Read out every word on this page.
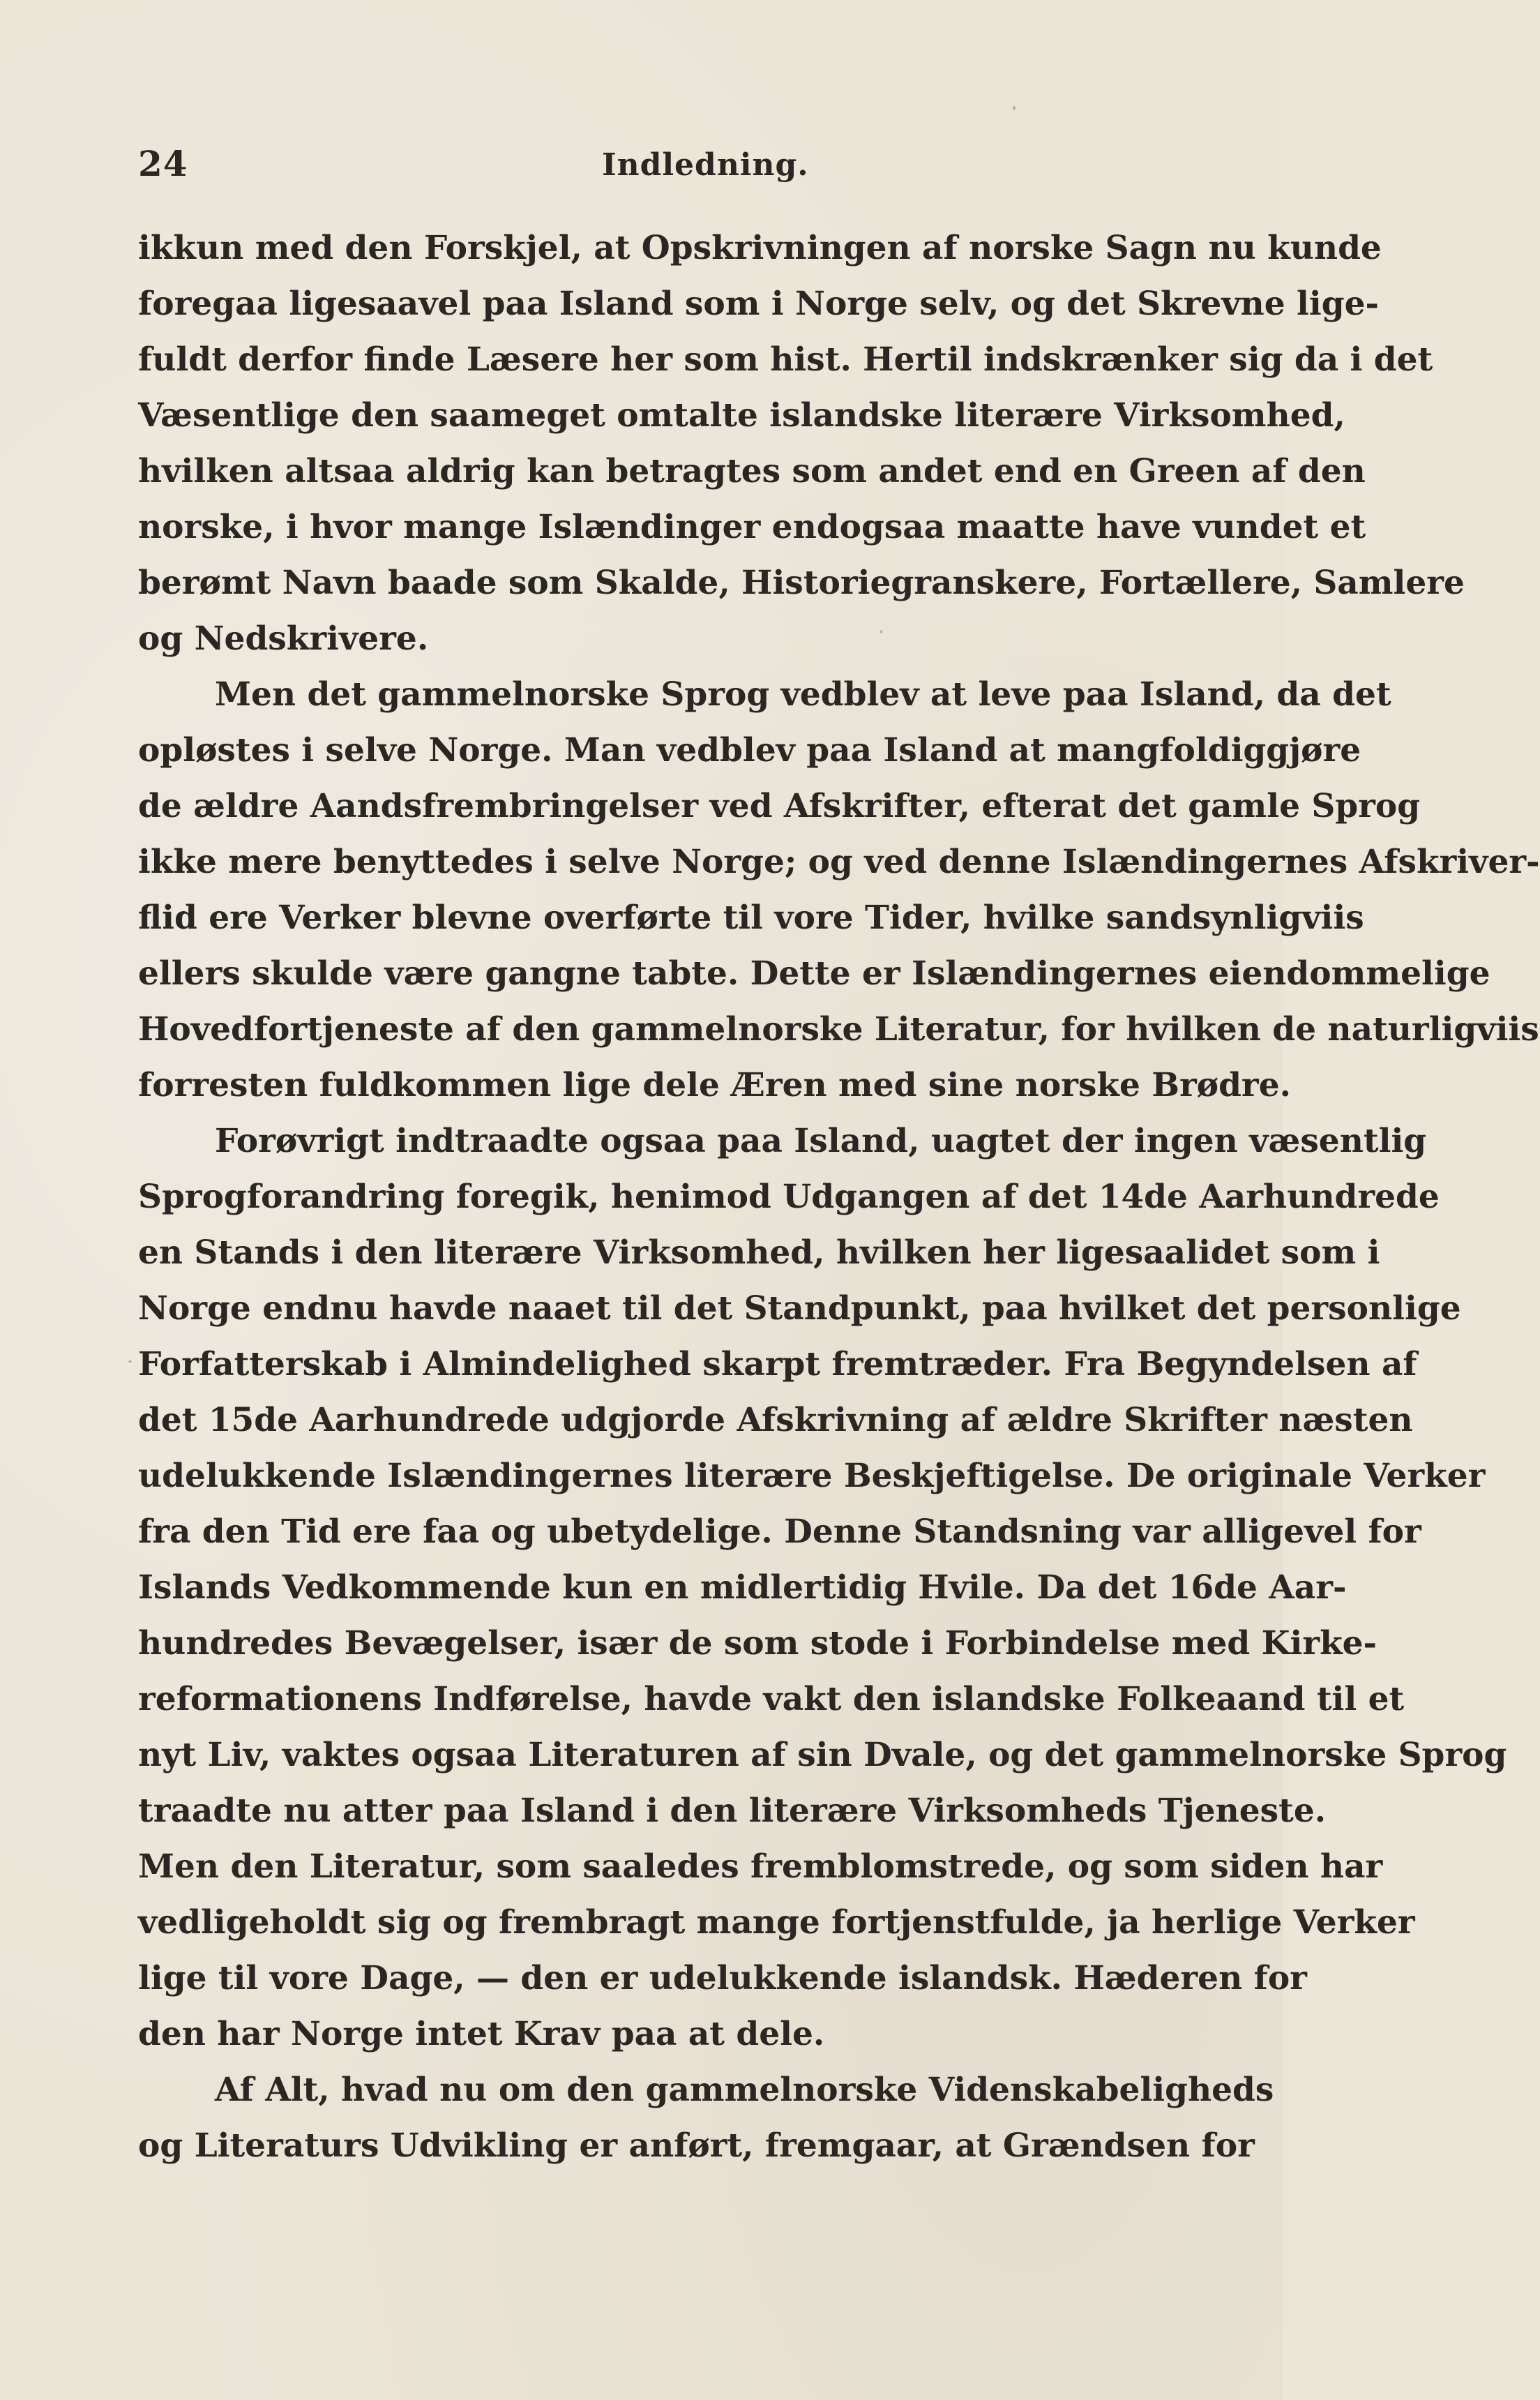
24	Indledning.
ikkun med den Forskjel, at Opskrivningen af norske Sagn nu kunde
foregaa ligesaavel paa Island som i Norge selv, og det Skrevne lige-
fuldt derfor finde Læsere her som hist. Hertil indskrænker sig da i det
Væsentlige den saameget omtalte islandske literære Virksomhed,
hvilken altsaa aldrig kan betragtes som andet end en Green af den
norske, i hvor mange Islændinger endogsaa maatte have vundet et
berømt Navn baade som Skalde, Historiegranskere, Fortællere, Samlere
og Nedskrivere.
Men det gammelnorske Sprog vedblev at leve paa Island, da det
opløstes i selve Norge. Man vedblev paa Island at mangfoldiggjøre
de ældre Aandsfrembringelser ved Afskrifter, efterat det gamle Sprog
ikke mere benyttedes i selve Norge; og ved denne Islændingernes Afskriver-
flid ere Verker blevne overførte til vore Tider, hvilke sandsynligviis
ellers skulde være gangne tabte. Dette er Islændingernes eiendommelige
Hovedfortjeneste af den gammelnorske Literatur, for hvilken de naturligviis
forresten fuldkommen lige dele Æren med sine norske Brødre.
Forøvrigt indtraadte ogsaa paa Island, uagtet der ingen væsentlig
Sprogforandring foregik, henimod Udgangen af det 14de Aarhundrede
en Stands i den literære Virksomhed, hvilken her ligesaalidet som i
Norge endnu havde naaet til det Standpunkt, paa hvilket det personlige
Forfatterskab i Almindelighed skarpt fremtræder. Fra Begyndelsen af
det 15de Aarhundrede udgjorde Afskrivning af ældre Skrifter næsten
udelukkende Islændingernes literære Beskjeftigelse. De originale Verker
fra den Tid ere faa og ubetydelige. Denne Standsning var alligevel for
Islands Vedkommende kun en midlertidig Hvile. Da det 16de Aar-
hundredes Bevægelser, især de som stode i Forbindelse med Kirke-
reformationens Indførelse, havde vakt den islandske Folkeaand til et
nyt Liv, vaktes ogsaa Literaturen af sin Dvale, og det gammelnorske Sprog
traadte nu atter paa Island i den literære Virksomheds Tjeneste.
Men den Literatur, som saaledes fremblomstrede, og som siden har
vedligeholdt sig og frembragt mange fortjenstfulde, ja herlige Verker
lige til vore Dage, — den er udelukkende islandsk. Hæderen for
den har Norge intet Krav paa at dele.
Af Alt, hvad nu om den gammelnorske Videnskabeligheds
og Literaturs Udvikling er anført, fremgaar, at Grændsen for
